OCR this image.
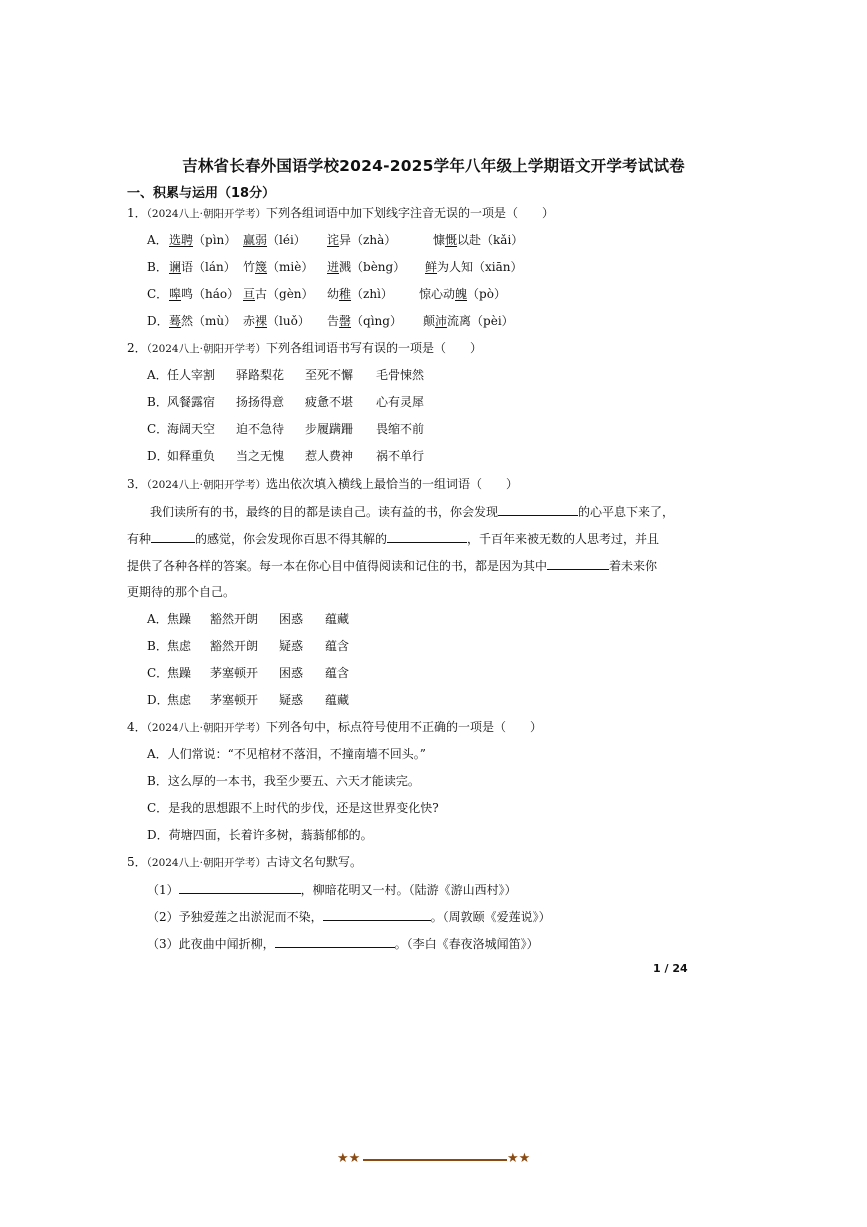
吉林省长春外国语学校2024-2025学年八年级上学期语文开学考试试卷
一、积累与运用（18分）
1．（2024八上·朝阳开学考）下列各组词语中加下划线字注音无误的一项是（　　）
2．（2024八上·朝阳开学考）下列各组词语书写有误的一项是（　　）
3．（2024八上·朝阳开学考）选出依次填入横线上最恰当的一组词语（　　）
我们读所有的书，最终的目的都是读自己。读有益的书，你会发现	的心平息下来了，
有种	的感觉，你会发现你百思不得其解的	，千百年来被无数的人思考过，并且
提供了各种各样的答案。每一本在你心目中值得阅读和记住的书，都是因为其中	着未来你
更期待的那个自己。
4．（2024八上·朝阳开学考）下列各句中，标点符号使用不正确的一项是（　　）
A．人们常说：“不见棺材不落泪，不撞南墙不回头。”
B．这么厚的一本书，我至少要五、六天才能读完。
C．是我的思想跟不上时代的步伐，还是这世界变化快?
D．荷塘四面，长着许多树，蓊蓊郁郁的。
5．（2024八上·朝阳开学考）古诗文名句默写。
（1）	，柳暗花明又一村。（陆游《游山西村》）
（2）予独爱莲之出淤泥而不染，	。（周敦颐《爱莲说》）
（3）此夜曲中闻折柳，	。（李白《春夜洛城闻笛》）
1 / 24
★★	★★
A． 选聘（pìn） 赢弱（léi） 诧异（zhà）	慷慨以赴（kǎi）
B． 谰语（lán） 竹篾（miè） 迸溅（bèng） 鲜为人知（xiān）
C． 嗥鸣（háo） 亘古（gèn） 幼稚（zhì） 惊心动魄（pò）
D． 蓦然（mù） 赤裸（luǒ） 告罄（qìng） 颠沛流离（pèi）
A． 任人宰割 驿路梨花 至死不懈 毛骨悚然
B． 风餐露宿 扬扬得意 疲惫不堪 心有灵犀
C．
海阔天空 迫不急待 步履蹒跚 畏缩不前
D．
如释重负 当之无愧 惹人费神 祸不单行
A． 焦躁 豁然开朗 困惑 蕴藏
B． 焦虑 豁然开朗 疑惑 蕴含
C．
焦躁 茅塞顿开 困惑 蕴含
D．
焦虑 茅塞顿开 疑惑 蕴藏
